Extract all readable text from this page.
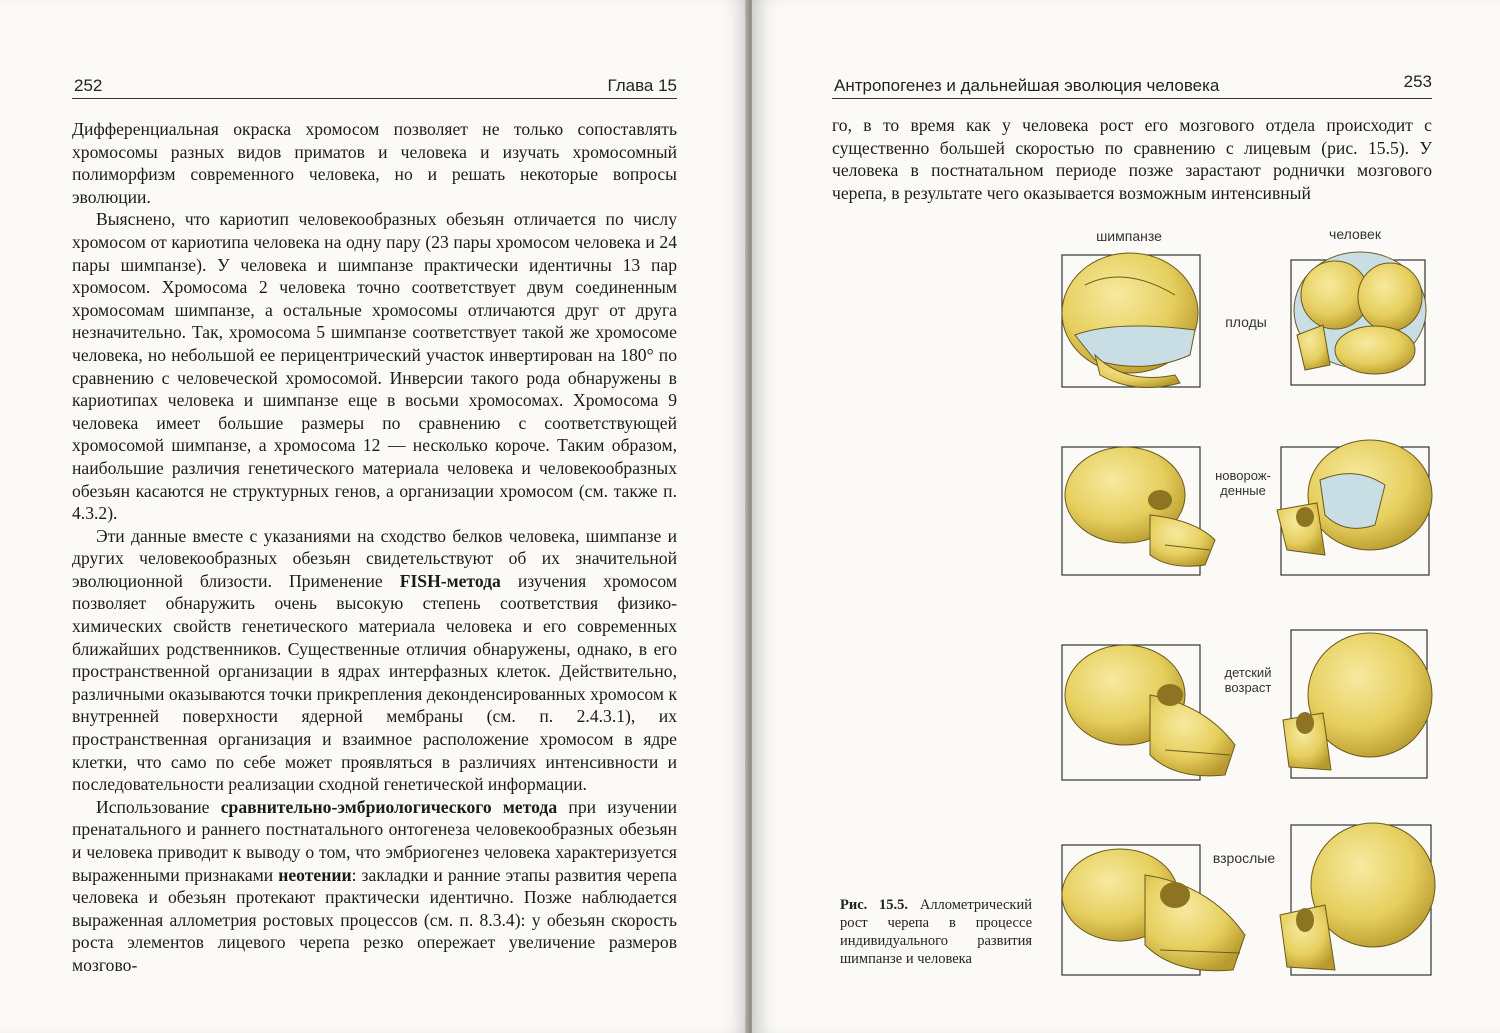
252	Глава 15

Дифференциальная окраска хромосом позволяет не только сопоставлять хромосомы разных видов приматов и человека и изучать хромосомный полиморфизм современного человека, но и решать некоторые вопросы эволюции.

Выяснено, что кариотип человекообразных обезьян отличается по числу хромосом от кариотипа человека на одну пару (23 пары хромосом человека и 24 пары шимпанзе). У человека и шимпанзе практически идентичны 13 пар хромосом. Хромосома 2 человека точно соответствует двум соединенным хромосомам шимпанзе, а остальные хромосомы отличаются друг от друга незначительно. Так, хромосома 5 шимпанзе соответствует такой же хромосоме человека, но небольшой ее перицентрический участок инвертирован на 180° по сравнению с человеческой хромосомой. Инверсии такого рода обнаружены в кариотипах человека и шимпанзе еще в восьми хромосомах. Хромосома 9 человека имеет большие размеры по сравнению с соответствующей хромосомой шимпанзе, а хромосома 12 — несколько короче. Таким образом, наибольшие различия генетического материала человека и человекообразных обезьян касаются не структурных генов, а организации хромосом (см. также п. 4.3.2).

Эти данные вместе с указаниями на сходство белков человека, шимпанзе и других человекообразных обезьян свидетельствуют об их значительной эволюционной близости. Применение FISH-метода изучения хромосом позволяет обнаружить очень высокую степень соответствия физико-химических свойств генетического материала человека и его современных ближайших родственников. Существенные отличия обнаружены, однако, в его пространственной организации в ядрах интерфазных клеток. Действительно, различными оказываются точки прикрепления деконденсированных хромосом к внутренней поверхности ядерной мембраны (см. п. 2.4.3.1), их пространственная организация и взаимное расположение хромосом в ядре клетки, что само по себе может проявляться в различиях интенсивности и последовательности реализации сходной генетической информации.

Использование сравнительно-эмбриологического метода при изучении пренатального и раннего постнатального онтогенеза человекообразных обезьян и человека приводит к выводу о том, что эмбриогенез человека характеризуется выраженными признаками неотении: закладки и ранние этапы развития черепа человека и обезьян протекают практически идентично. Позже наблюдается выраженная аллометрия ростовых процессов (см. п. 8.3.4): у обезьян скорость роста элементов лицевого черепа резко опережает увеличение размеров мозгово-

Антропогенез и дальнейшая эволюция человека	253

го, в то время как у человека рост его мозгового отдела происходит с существенно большей скоростью по сравнению с лицевым (рис. 15.5). У человека в постнатальном периоде позже зарастают роднички мозгового черепа, в результате чего оказывается возможным интенсивный

шимпанзе	человек
плоды
новорож-денные
детский возраст
взрослые
Рис. 15.5. Аллометрический рост черепа в процессе индивидуального развития шимпанзе и человека
